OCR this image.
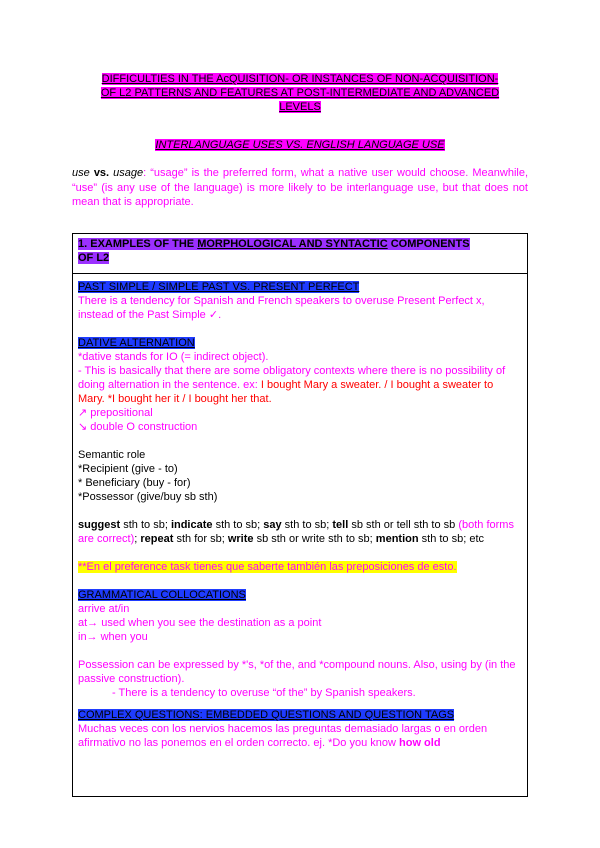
DIFFICULTIES IN THE AcQUISITION- OR INSTANCES OF NON-ACQUISITION-
OF L2 PATTERNS AND FEATURES AT POST-INTERMEDIATE AND ADVANCED
LEVELS
INTERLANGUAGE USES VS. ENGLISH LANGUAGE USE
use vs. usage: “usage” is the preferred form, what a native user would choose. Meanwhile, “use” (is any use of the language) is more likely to be interlanguage use, but that does not mean that is appropriate.
1. EXAMPLES OF THE MORPHOLOGICAL AND SYNTACTIC COMPONENTS
OF L2

PAST SIMPLE / SIMPLE PAST VS. PRESENT PERFECT

There is a tendency for Spanish and French speakers to overuse Present Perfect x, instead of the Past Simple ✓.

DATIVE ALTERNATION

*dative stands for IO (= indirect object).

- This is basically that there are some obligatory contexts where there is no possibility of doing alternation in the sentence. ex: I bought Mary a sweater. / I bought a sweater to Mary. *I bought her it / I bought her that.

↗ prepositional

↘ double O construction

Semantic role

*Recipient (give - to)

* Beneficiary (buy - for)

*Possessor (give/buy sb sth)

suggest sth to sb; indicate sth to sb; say sth to sb; tell sb sth or tell sth to sb (both forms are correct); repeat sth for sb; write sb sth or write sth to sb; mention sth to sb; etc

**En el preference task tienes que saberte también las preposiciones de esto.

GRAMMATICAL COLLOCATIONS

arrive at/in

at→ used when you see the destination as a point

in→ when you

Possession can be expressed by *'s, *of the, and *compound nouns. Also, using by (in the passive construction).

- There is a tendency to overuse “of the” by Spanish speakers.

COMPLEX QUESTIONS: EMBEDDED QUESTIONS AND QUESTION TAGS

Muchas veces con los nervios hacemos las preguntas demasiado largas o en orden afirmativo no las ponemos en el orden correcto. ej. *Do you know how old
